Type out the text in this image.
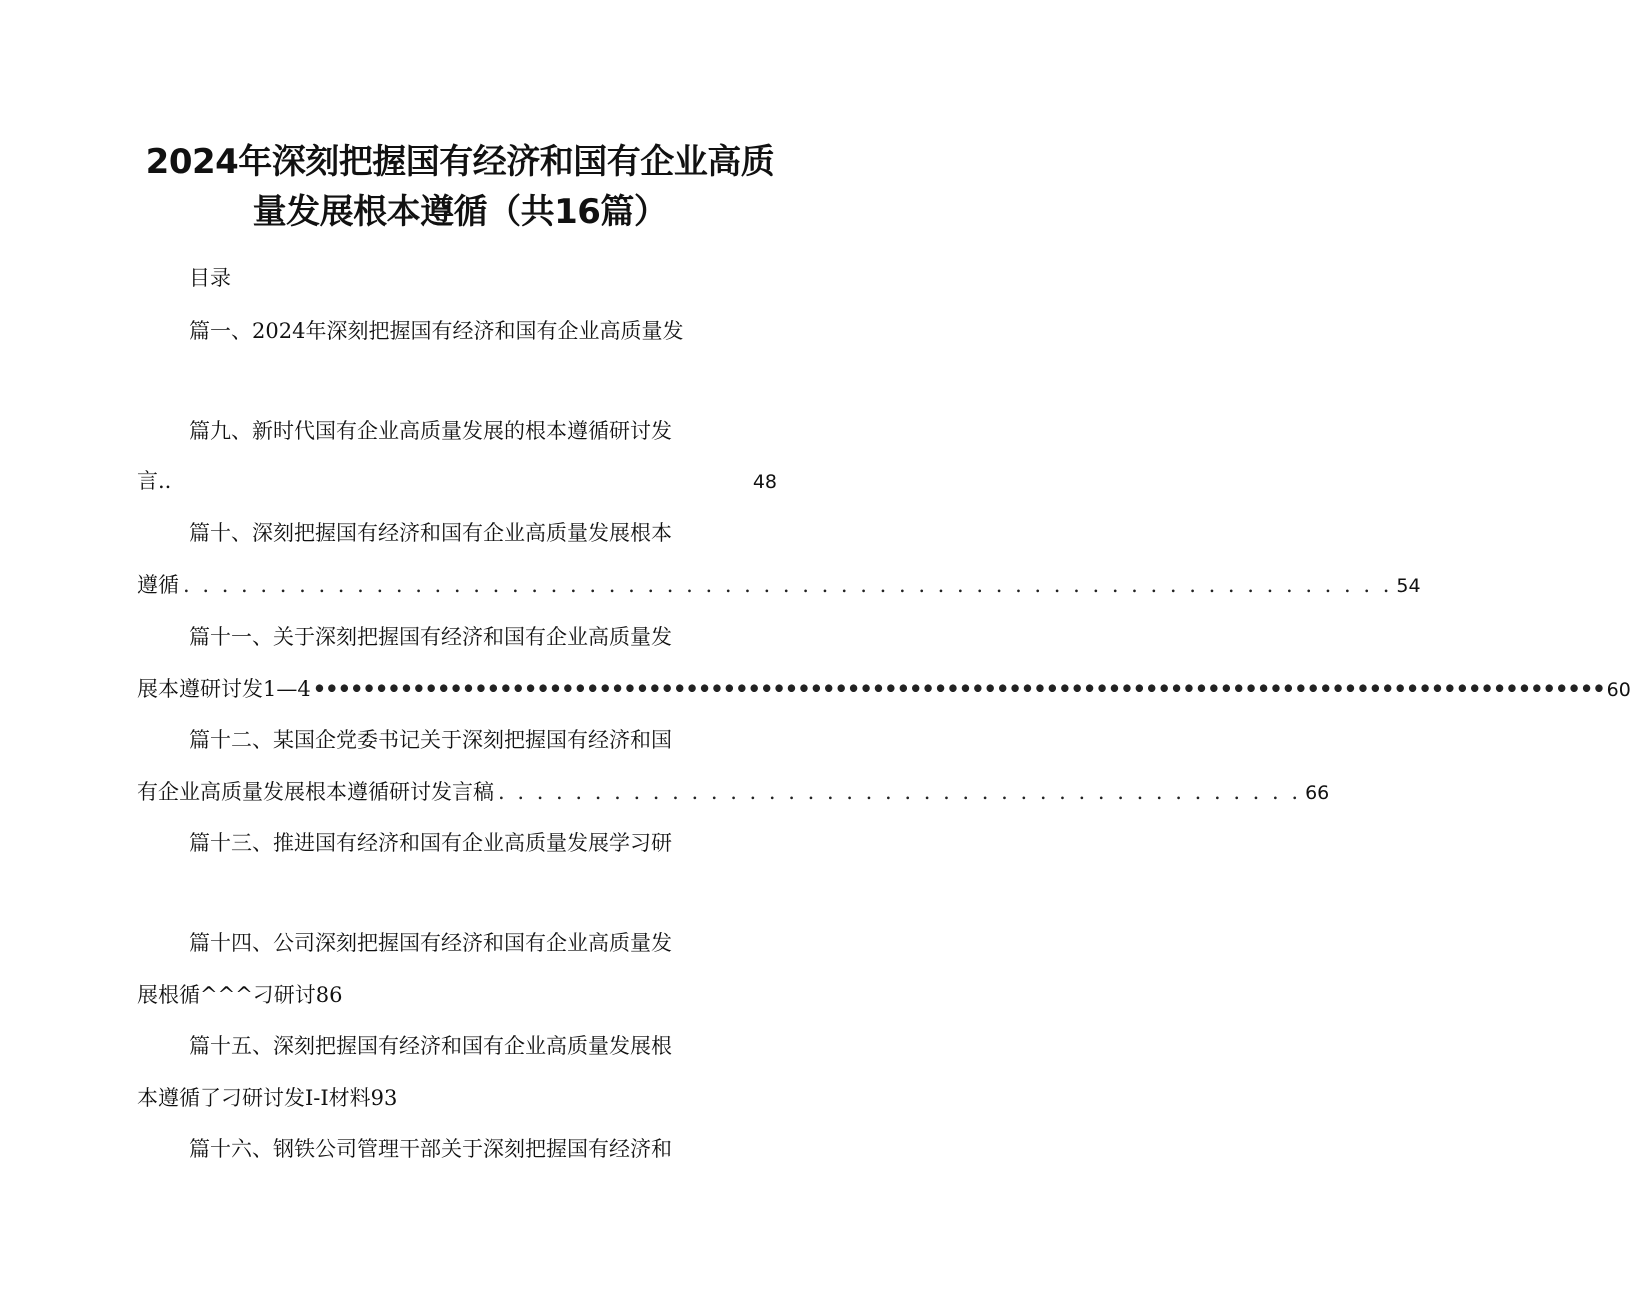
2024年深刻把握国有经济和国有企业高质
量发展根本遵循（共16篇）
目录
篇一、2024年深刻把握国有经济和国有企业高质量发
篇九、新时代国有企业高质量发展的根本遵循研讨发
言..	48
篇十、深刻把握国有经济和国有企业高质量发展根本
遵循 . . . . . . . . . . . . . . . . . . . . . . . . . . . . . . . . . . . . . . . . . . . . . . . . . . . . . . . . . . . . . . . 54
篇十一、关于深刻把握国有经济和国有企业高质量发
展本遵研讨发1—4 •••••••••••••••••••••••••••••••••••••••••••••••••••••••••••••••••••••••••••••••••••••••••••••••••••••••• 60
篇十二、某国企党委书记关于深刻把握国有经济和国
有企业高质量发展根本遵循研讨发言稿 . . . . . . . . . . . . . . . . . . . . . . . . . . . . . . . . . . . . . . . . . . 66
篇十三、推进国有经济和国有企业高质量发展学习研
篇十四、公司深刻把握国有经济和国有企业高质量发
展根循^^^刁研讨86
篇十五、深刻把握国有经济和国有企业高质量发展根
本遵循了刁研讨发I-I材料93
篇十六、钢铁公司管理干部关于深刻把握国有经济和
